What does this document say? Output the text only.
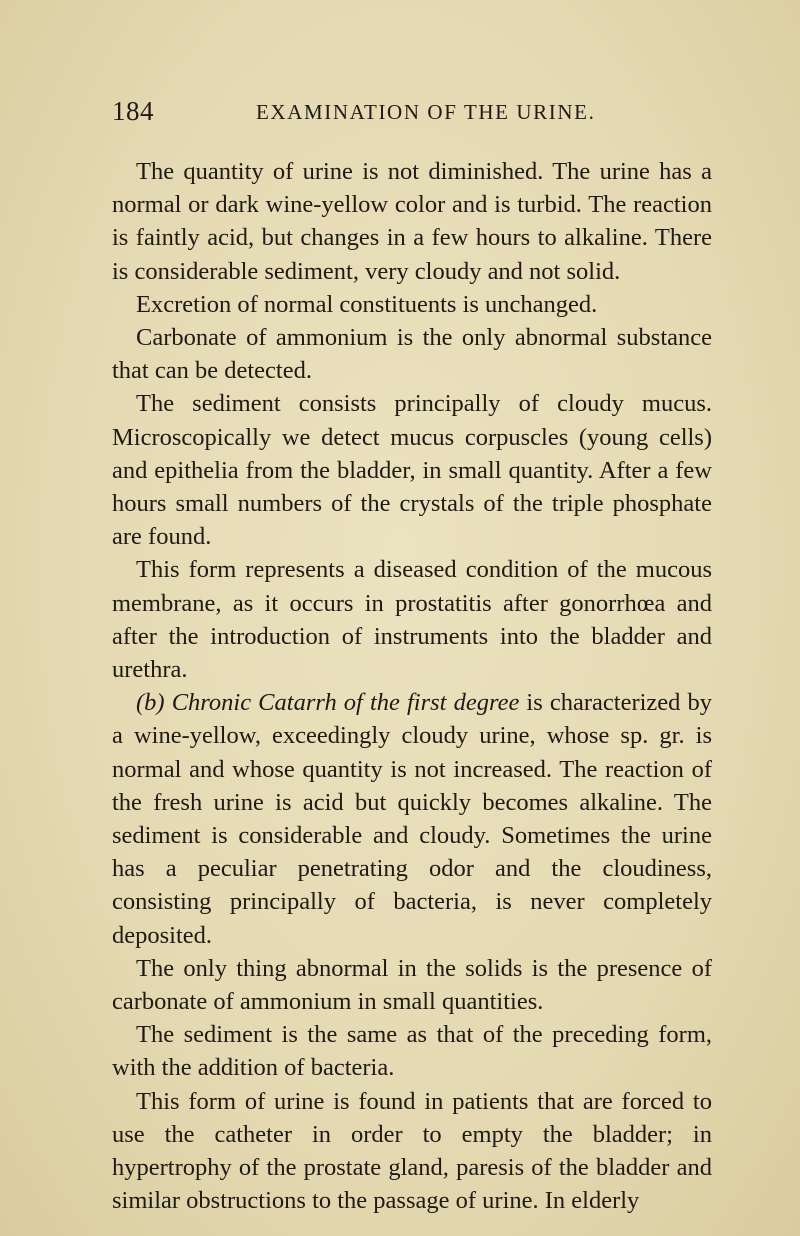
184	EXAMINATION OF THE URINE.

The quantity of urine is not diminished. The urine has a normal or dark wine-yellow color and is turbid. The reaction is faintly acid, but changes in a few hours to alkaline. There is considerable sediment, very cloudy and not solid.

Excretion of normal constituents is unchanged.

Carbonate of ammonium is the only abnormal substance that can be detected.

The sediment consists principally of cloudy mucus. Microscopically we detect mucus corpuscles (young cells) and epithelia from the bladder, in small quantity. After a few hours small numbers of the crystals of the triple phosphate are found.

This form represents a diseased condition of the mucous membrane, as it occurs in prostatitis after gonorrhœa and after the introduction of instruments into the bladder and urethra.

(b) Chronic Catarrh of the first degree is characterized by a wine-yellow, exceedingly cloudy urine, whose sp. gr. is normal and whose quantity is not increased. The reaction of the fresh urine is acid but quickly becomes alkaline. The sediment is considerable and cloudy. Sometimes the urine has a peculiar penetrating odor and the cloudiness, consisting principally of bacteria, is never completely deposited.

The only thing abnormal in the solids is the presence of carbonate of ammonium in small quantities.

The sediment is the same as that of the preceding form, with the addition of bacteria.

This form of urine is found in patients that are forced to use the catheter in order to empty the bladder; in hypertrophy of the prostate gland, paresis of the bladder and similar obstructions to the passage of urine. In elderly
